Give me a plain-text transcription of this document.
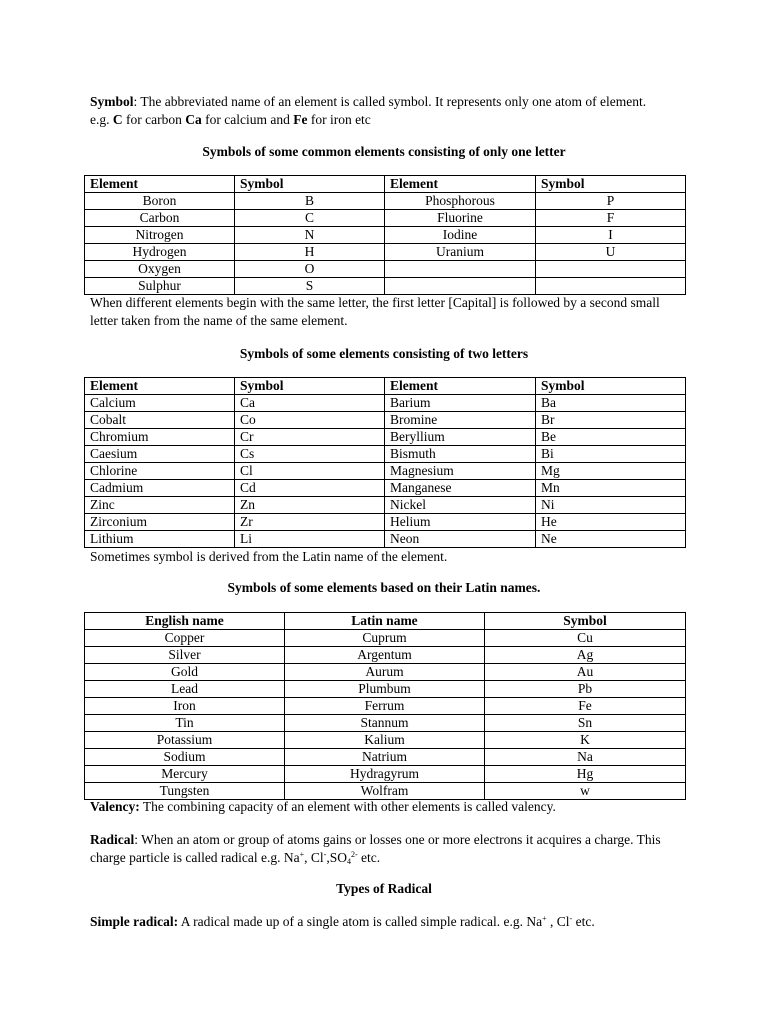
Symbol: The abbreviated name of an element is called symbol. It represents only one atom of element.
e.g. C for carbon Ca for calcium and Fe for iron etc

Symbols of some common elements consisting of only one letter
Element	Symbol	Element	Symbol
Boron	B	Phosphorous	P
Carbon	C	Fluorine	F
Nitrogen	N	Iodine	I
Hydrogen	H	Uranium	U
Oxygen	O		
Sulphur	S		

When different elements begin with the same letter, the first letter [Capital] is followed by a second small letter taken from the name of the same element.

Symbols of some elements consisting of two letters
Element	Symbol	Element	Symbol
Calcium	Ca	Barium	Ba
Cobalt	Co	Bromine	Br
Chromium	Cr	Beryllium	Be
Caesium	Cs	Bismuth	Bi
Chlorine	Cl	Magnesium	Mg
Cadmium	Cd	Manganese	Mn
Zinc	Zn	Nickel	Ni
Zirconium	Zr	Helium	He
Lithium	Li	Neon	Ne

Sometimes symbol is derived from the Latin name of the element.

Symbols of some elements based on their Latin names.
English name	Latin name	Symbol
Copper	Cuprum	Cu
Silver	Argentum	Ag
Gold	Aurum	Au
Lead	Plumbum	Pb
Iron	Ferrum	Fe
Tin	Stannum	Sn
Potassium	Kalium	K
Sodium	Natrium	Na
Mercury	Hydragyrum	Hg
Tungsten	Wolfram	w

Valency: The combining capacity of an element with other elements is called valency.

Radical: When an atom or group of atoms gains or losses one or more electrons it acquires a charge. This charge particle is called radical e.g. Na+, $Cl^-,SO_4^{2-}$ etc.

Types of Radical

Simple radical: A radical made up of a single atom is called simple radical. e.g. Na+ , Cl- etc.
